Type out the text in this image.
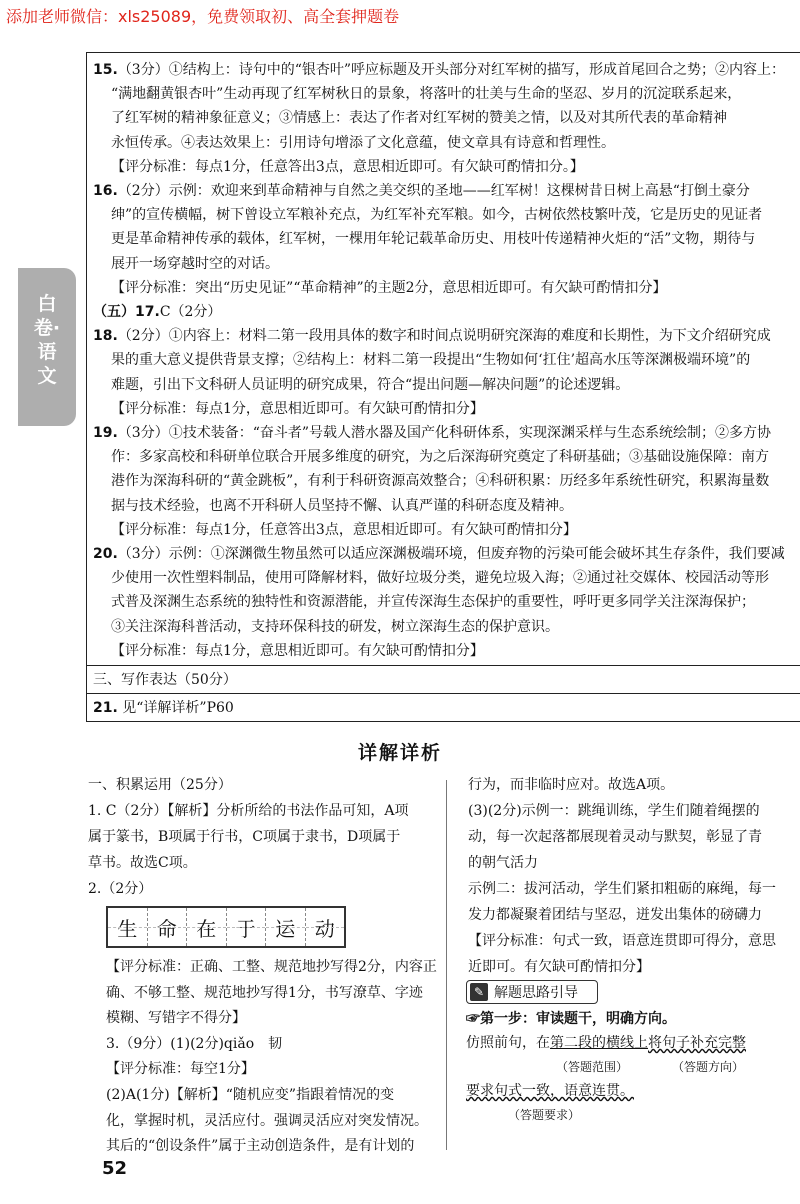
添加老师微信：xls25089，免费领取初、高全套押题卷
白卷·语文
15.（3分）①结构上：诗句中的“银杏叶”呼应标题及开头部分对红军树的描写，形成首尾回合之势；②内容上：
“满地翻黄银杏叶”生动再现了红军树秋日的景象，将落叶的壮美与生命的坚忍、岁月的沉淀联系起来，
了红军树的精神象征意义；③情感上：表达了作者对红军树的赞美之情，以及对其所代表的革命精神
永恒传承。④表达效果上：引用诗句增添了文化意蕴，使文章具有诗意和哲理性。
【评分标准：每点1分，任意答出3点，意思相近即可。有欠缺可酌情扣分。】
16.（2分）示例：欢迎来到革命精神与自然之美交织的圣地——红军树！这棵树昔日树上高悬“打倒土豪分
绅”的宣传横幅，树下曾设立军粮补充点，为红军补充军粮。如今，古树依然枝繁叶茂，它是历史的见证者
更是革命精神传承的载体，红军树，一棵用年轮记载革命历史、用枝叶传递精神火炬的“活”文物，期待与
展开一场穿越时空的对话。
【评分标准：突出“历史见证”“革命精神”的主题2分，意思相近即可。有欠缺可酌情扣分】
（五）17.C（2分）
18.（2分）①内容上：材料二第一段用具体的数字和时间点说明研究深海的难度和长期性，为下文介绍研究成
果的重大意义提供背景支撑；②结构上：材料二第一段提出“生物如何‘扛住’超高水压等深渊极端环境”的
难题，引出下文科研人员证明的研究成果，符合“提出问题—解决问题”的论述逻辑。
【评分标准：每点1分，意思相近即可。有欠缺可酌情扣分】
19.（3分）①技术装备：“奋斗者”号载人潜水器及国产化科研体系，实现深渊采样与生态系统绘制；②多方协
作：多家高校和科研单位联合开展多维度的研究，为之后深海研究奠定了科研基础；③基础设施保障：南方
港作为深海科研的“黄金跳板”，有利于科研资源高效整合；④科研积累：历经多年系统性研究，积累海量数
据与技术经验，也离不开科研人员坚持不懈、认真严谨的科研态度及精神。
【评分标准：每点1分，任意答出3点，意思相近即可。有欠缺可酌情扣分】
20.（3分）示例：①深渊微生物虽然可以适应深渊极端环境，但废弃物的污染可能会破坏其生存条件，我们要减
少使用一次性塑料制品，使用可降解材料，做好垃圾分类，避免垃圾入海；②通过社交媒体、校园活动等形
式普及深渊生态系统的独特性和资源潜能，并宣传深海生态保护的重要性，呼吁更多同学关注深海保护；
③关注深海科普活动，支持环保科技的研发，树立深海生态的保护意识。
【评分标准：每点1分，意思相近即可。有欠缺可酌情扣分】
三、写作表达（50分）
21. 见“详解详析”P60
详解详析
一、积累运用（25分）
1. C（2分）【解析】分析所给的书法作品可知，A项
属于篆书，B项属于行书，C项属于隶书，D项属于
草书。故选C项。
2.（2分）
生 命 在 于 运 动
【评分标准：正确、工整、规范地抄写得2分，内容正
确、不够工整、规范地抄写得1分，书写潦草、字迹
模糊、写错字不得分】
3.（9分）(1)(2分)qiǎo　韧
【评分标准：每空1分】
(2)A(1分)【解析】“随机应变”指跟着情况的变
化，掌握时机，灵活应付。强调灵活应对突发情况。
其后的“创设条件”属于主动创造条件，是有计划的
行为，而非临时应对。故选A项。
(3)(2分)示例一：跳绳训练，学生们随着绳摆的
动，每一次起落都展现着灵动与默契，彰显了青
的朝气活力
示例二：拔河活动，学生们紧扣粗砺的麻绳，每一
发力都凝聚着团结与坚忍，迸发出集体的磅礴力
【评分标准：句式一致，语意连贯即可得分，意思
近即可。有欠缺可酌情扣分】
✎ 解题思路引导
☞第一步：审读题干，明确方向。
仿照前句，在第二段的横线上将句子补充完整
（答题范围）	（答题方向）
要求句式一致，语意连贯。
（答题要求）
52
